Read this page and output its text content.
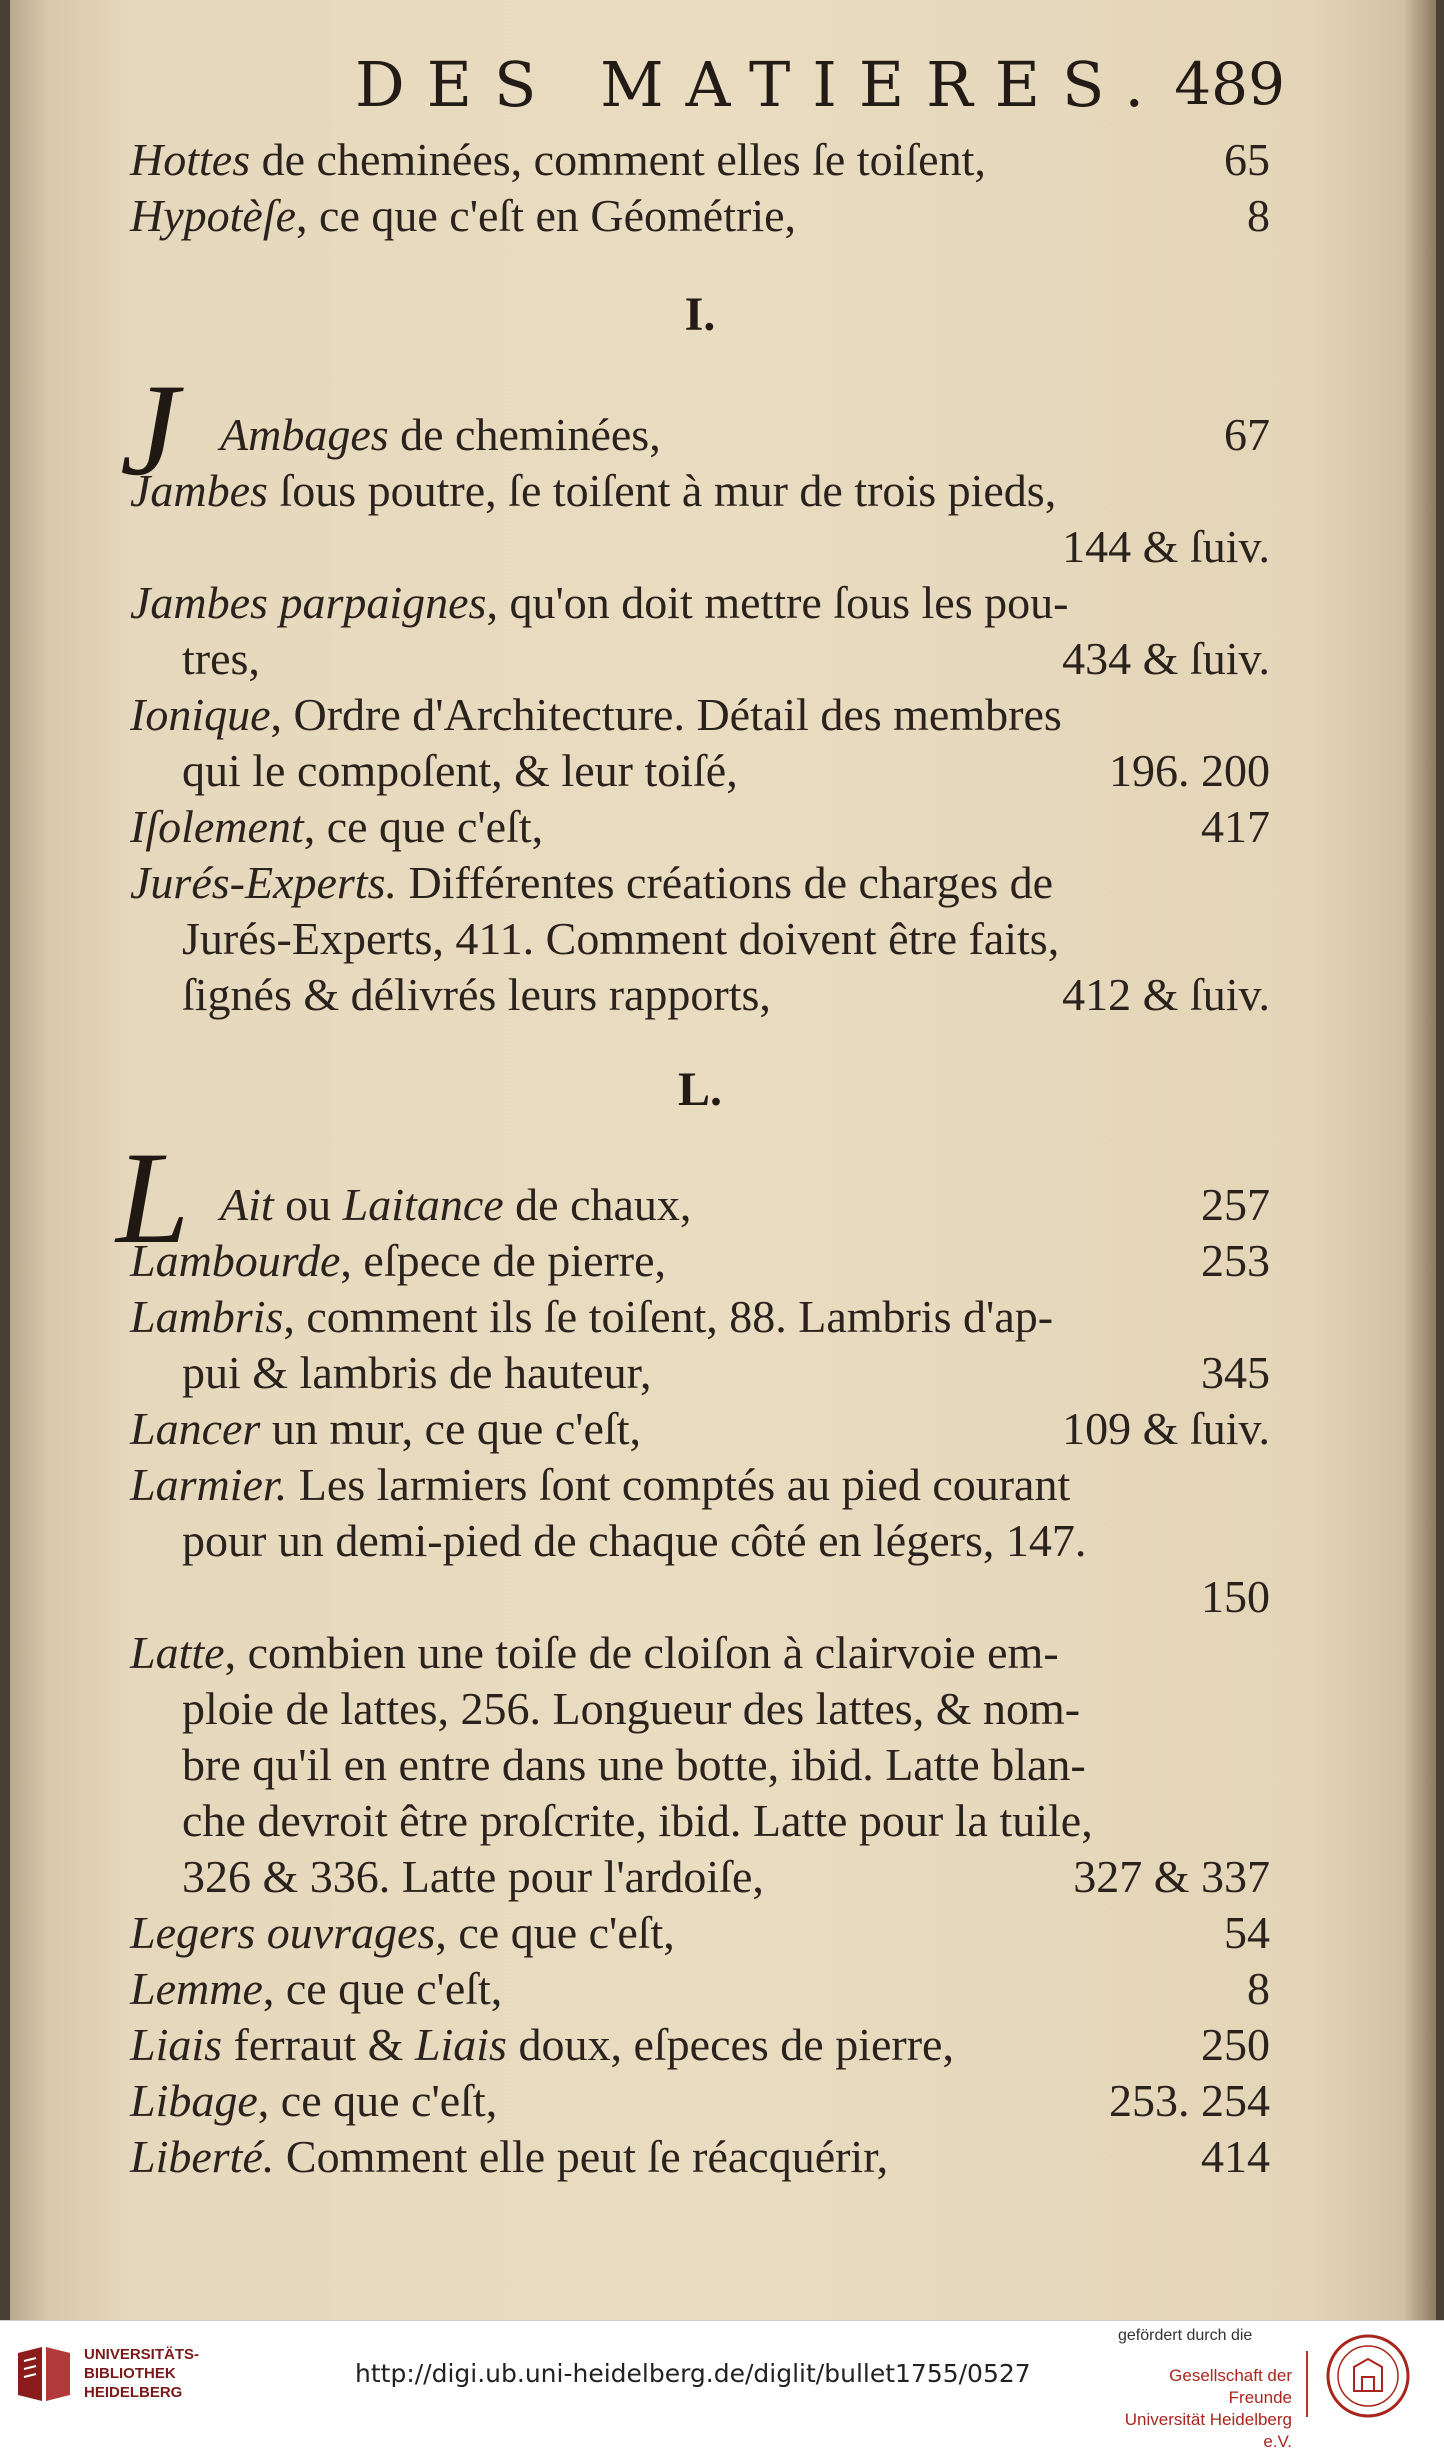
DES MATIERES. 489
Hottes de cheminées, comment elles ſe toiſent,	65
Hypotèſe, ce que c'eſt en Géométrie,	8
I.
J Ambages de cheminées,	67
Jambes ſous poutre, ſe toiſent à mur de trois pieds,
144 & ſuiv.
Jambes parpaignes, qu'on doit mettre ſous les pou-
tres,	434 & ſuiv.
Ionique, Ordre d'Architecture. Détail des membres
qui le compoſent, & leur toiſé,	196. 200
Iſolement, ce que c'eſt,	417
Jurés-Experts. Différentes créations de charges de
Jurés-Experts, 411. Comment doivent être faits,
ſignés & délivrés leurs rapports,	412 & ſuiv.
L.
L Ait ou Laitance de chaux,	257
Lambourde, eſpece de pierre,	253
Lambris, comment ils ſe toiſent, 88. Lambris d'ap-
pui & lambris de hauteur,	345
Lancer un mur, ce que c'eſt,	109 & ſuiv.
Larmier. Les larmiers ſont comptés au pied courant
pour un demi-pied de chaque côté en légers, 147.
150
Latte, combien une toiſe de cloiſon à clairvoie em-
ploie de lattes, 256. Longueur des lattes, & nom-
bre qu'il en entre dans une botte, ibid. Latte blan-
che devroit être proſcrite, ibid. Latte pour la tuile,
326 & 336. Latte pour l'ardoiſe,	327 & 337
Legers ouvrages, ce que c'eſt,	54
Lemme, ce que c'eſt,	8
Liais ferraut & Liais doux, eſpeces de pierre,	250
Libage, ce que c'eſt,	253. 254
Liberté. Comment elle peut ſe réacquérir,	414
UNIVERSITÄTS-
BIBLIOTHEK
HEIDELBERG
http://digi.ub.uni-heidelberg.de/diglit/bullet1755/0527
gefördert durch die
Gesellschaft der Freunde
Universität Heidelberg e.V.
